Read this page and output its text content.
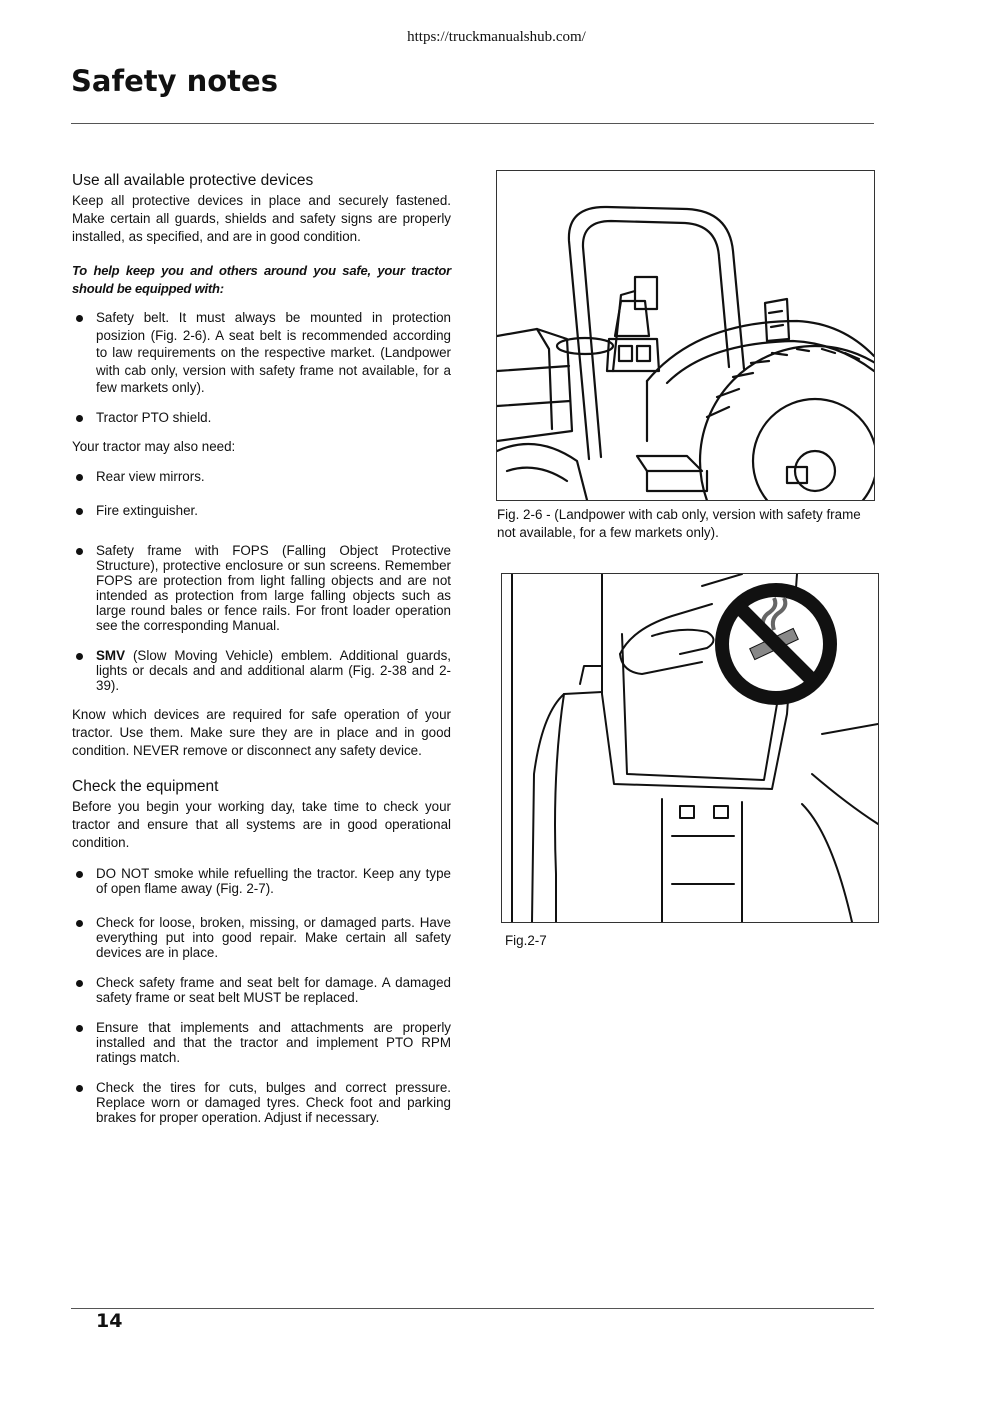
https://truckmanualshub.com/
Safety notes
Use all available protective devices

Keep all protective devices in place and securely fastened. Make certain all guards, shields and safety signs are properly installed, as specified, and are in good condition.

To help keep you and others around you safe, your tractor should be equipped with:

Safety belt. It must always be mounted in protection posizion (Fig. 2-6). A seat belt is recommended according to law requirements on the respective market. (Landpower with cab only, version with safety frame not available, for a few markets only).
Tractor PTO shield.

Your tractor may also need:

Rear view mirrors.
Fire extinguisher.
Safety frame with FOPS (Falling Object Protective Structure), protective enclosure or sun screens. Remember FOPS are protection from light falling objects and are not intended as protection from large falling objects such as large round bales or fence rails. For front loader operation see the corresponding Manual.
SMV (Slow Moving Vehicle) emblem. Additional guards, lights or decals and and additional alarm (Fig. 2-38 and 2-39).

Know which devices are required for safe operation of your tractor. Use them. Make sure they are in place and in good condition. NEVER remove or disconnect any safety device.

Check the equipment

Before you begin your working day, take time to check your tractor and ensure that all systems are in good operational condition.

DO NOT smoke while refuelling the tractor. Keep any type of open flame away (Fig. 2-7).
Check for loose, broken, missing, or damaged parts. Have everything put into good repair. Make certain all safety devices are in place.
Check safety frame and seat belt for damage. A damaged safety frame or seat belt MUST be replaced.
Ensure that implements and attachments are properly installed and that the tractor and implement PTO RPM ratings match.
Check the tires for cuts, bulges and correct pressure. Replace worn or damaged tyres. Check foot and parking brakes for proper operation. Adjust if necessary.
Fig. 2-6 - (Landpower with cab only, version with safety frame not available, for a few markets only).
Fig.2-7
14
